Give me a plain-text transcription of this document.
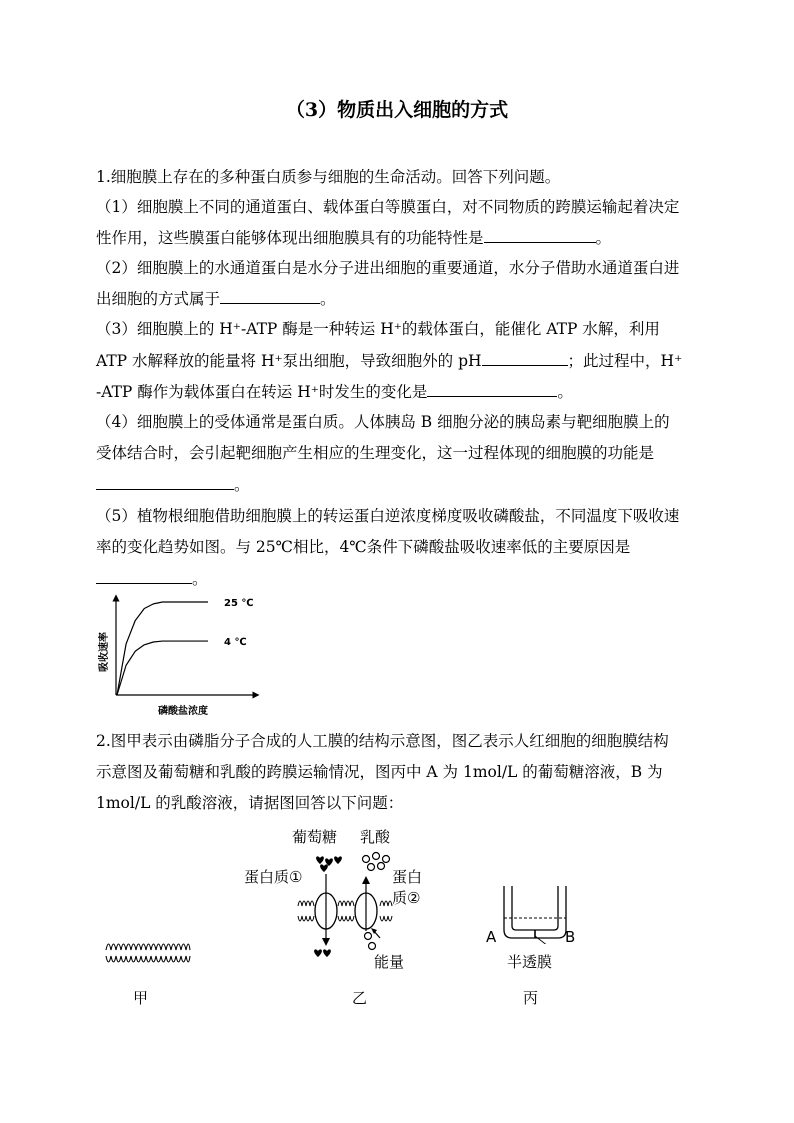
（3）物质出入细胞的方式
1.细胞膜上存在的多种蛋白质参与细胞的生命活动。回答下列问题。
（1）细胞膜上不同的通道蛋白、载体蛋白等膜蛋白，对不同物质的跨膜运输起着决定
性作用，这些膜蛋白能够体现出细胞膜具有的功能特性是	。
（2）细胞膜上的水通道蛋白是水分子进出细胞的重要通道，水分子借助水通道蛋白进
出细胞的方式属于	。
（3）细胞膜上的 H⁺-ATP 酶是一种转运 H⁺的载体蛋白，能催化 ATP 水解，利用
ATP 水解释放的能量将 H⁺泵出细胞，导致细胞外的 pH	；此过程中，H⁺
-ATP 酶作为载体蛋白在转运 H⁺时发生的变化是	。
（4）细胞膜上的受体通常是蛋白质。人体胰岛 B 细胞分泌的胰岛素与靶细胞膜上的
受体结合时，会引起靶细胞产生相应的生理变化，这一过程体现的细胞膜的功能是
。
（5）植物根细胞借助细胞膜上的转运蛋白逆浓度梯度吸收磷酸盐，不同温度下吸收速
率的变化趋势如图。与 25℃相比，4℃条件下磷酸盐吸收速率低的主要原因是
。
25 ℃
4 ℃
磷酸盐浓度
吸收速率
2.图甲表示由磷脂分子合成的人工膜的结构示意图，图乙表示人红细胞的细胞膜结构
示意图及葡萄糖和乳酸的跨膜运输情况，图丙中 A 为 1mol/L 的葡萄糖溶液，B 为
1mol/L 的乳酸溶液，请据图回答以下问题：
葡萄糖 乳酸
蛋白质①	蛋白
质②
能量
A	B
半透膜
甲	乙	丙
